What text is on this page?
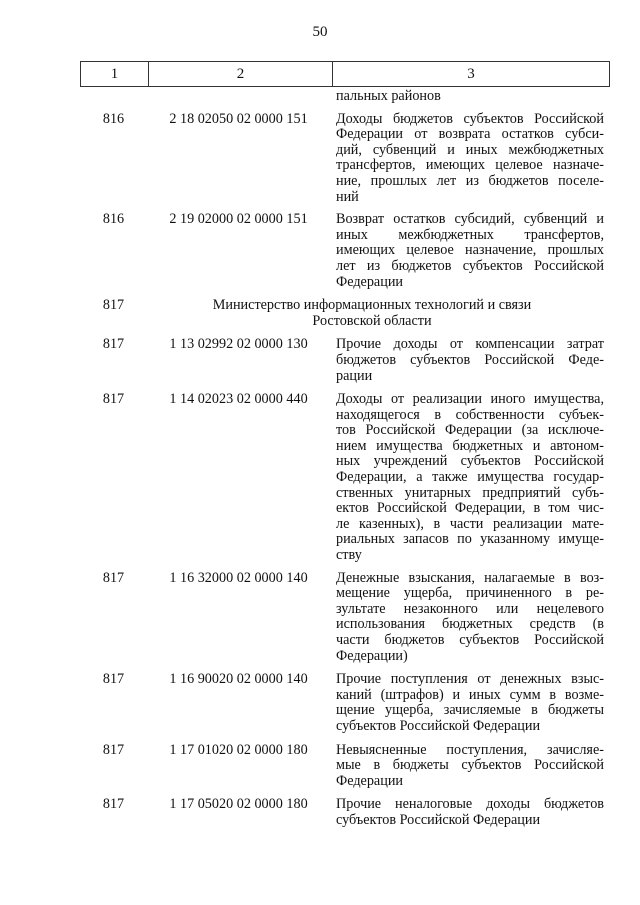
50
1	2	3
пальных районов
816	2 18 02050 02 0000 151	Доходы бюджетов субъектов Российской
Федерации от возврата остатков субси-
дий, субвенций и иных межбюджетных
трансфертов, имеющих целевое назначе-
ние, прошлых лет из бюджетов поселе-
ний
816	2 19 02000 02 0000 151	Возврат остатков субсидий, субвенций и
иных межбюджетных трансфертов,
имеющих целевое назначение, прошлых
лет из бюджетов субъектов Российской
Федерации
817	Министерство информационных технологий и связи
Ростовской области
817	1 13 02992 02 0000 130	Прочие доходы от компенсации затрат
бюджетов субъектов Российской Феде-
рации
817	1 14 02023 02 0000 440	Доходы от реализации иного имущества,
находящегося в собственности субъек-
тов Российской Федерации (за исключе-
нием имущества бюджетных и автоном-
ных учреждений субъектов Российской
Федерации, а также имущества государ-
ственных унитарных предприятий субъ-
ектов Российской Федерации, в том чис-
ле казенных), в части реализации мате-
риальных запасов по указанному имуще-
ству
817	1 16 32000 02 0000 140	Денежные взыскания, налагаемые в воз-
мещение ущерба, причиненного в ре-
зультате незаконного или нецелевого
использования бюджетных средств (в
части бюджетов субъектов Российской
Федерации)
817	1 16 90020 02 0000 140	Прочие поступления от денежных взыс-
каний (штрафов) и иных сумм в возме-
щение ущерба, зачисляемые в бюджеты
субъектов Российской Федерации
817	1 17 01020 02 0000 180	Невыясненные поступления, зачисляе-
мые в бюджеты субъектов Российской
Федерации
817	1 17 05020 02 0000 180	Прочие неналоговые доходы бюджетов
субъектов Российской Федерации
